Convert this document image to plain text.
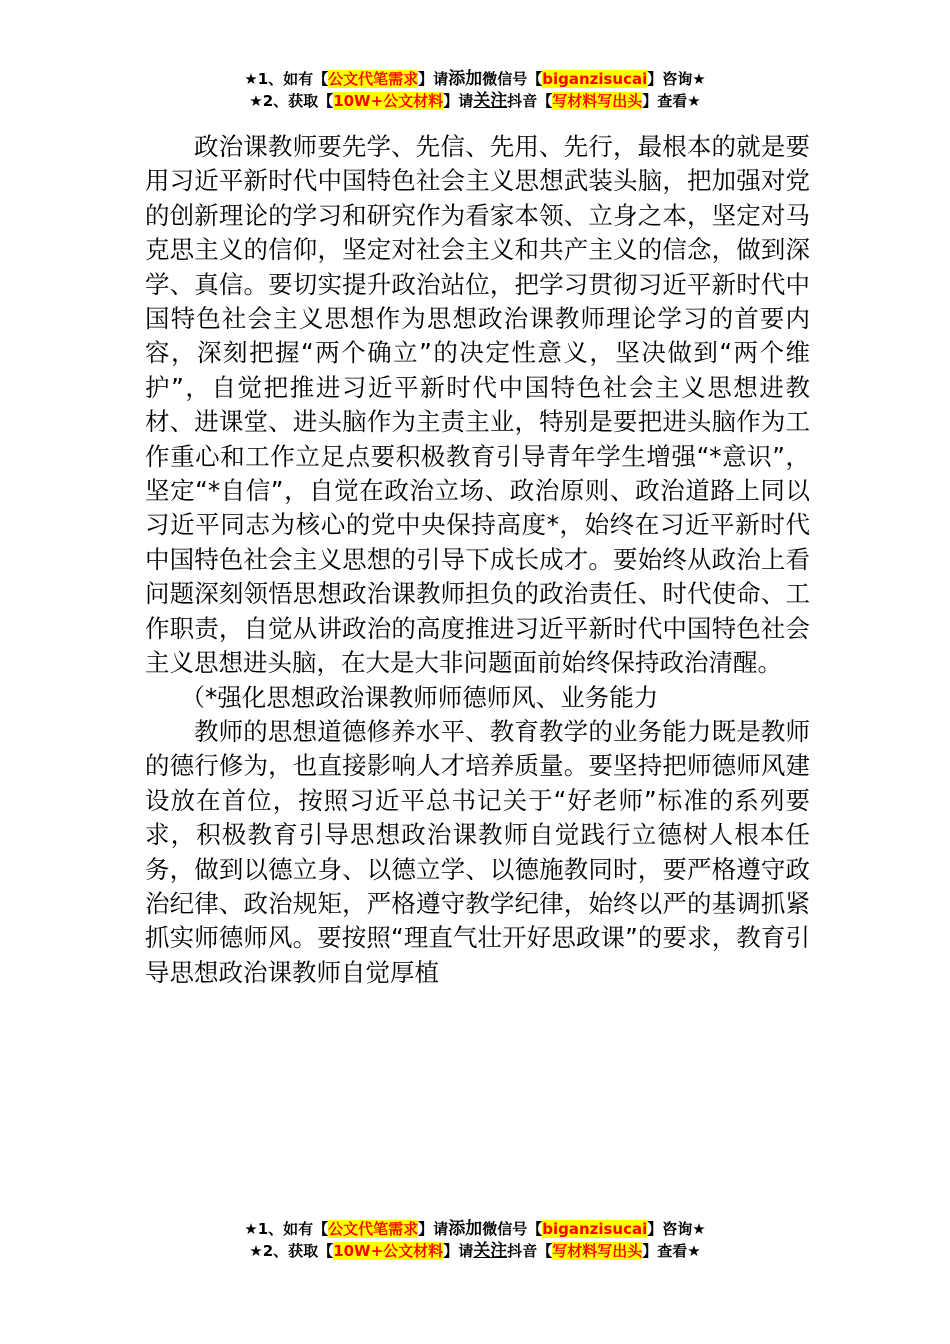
★1、如有【公文代笔需求】请添加微信号【biganzisucai】咨询★
★2、获取【10W+公文材料】请关注抖音【写材料写出头】查看★

政治课教师要先学、先信、先用、先行，最根本的就是要用习近平新时代中国特色社会主义思想武装头脑，把加强对党的创新理论的学习和研究作为看家本领、立身之本，坚定对马克思主义的信仰，坚定对社会主义和共产主义的信念，做到深学、真信。要切实提升政治站位，把学习贯彻习近平新时代中国特色社会主义思想作为思想政治课教师理论学习的首要内容，深刻把握“两个确立”的决定性意义，坚决做到“两个维护”，自觉把推进习近平新时代中国特色社会主义思想进教材、进课堂、进头脑作为主责主业，特别是要把进头脑作为工作重心和工作立足点要积极教育引导青年学生增强“*意识”，坚定“*自信”，自觉在政治立场、政治原则、政治道路上同以习近平同志为核心的党中央保持高度*，始终在习近平新时代中国特色社会主义思想的引导下成长成才。要始终从政治上看问题深刻领悟思想政治课教师担负的政治责任、时代使命、工作职责，自觉从讲政治的高度推进习近平新时代中国特色社会主义思想进头脑，在大是大非问题面前始终保持政治清醒。

（*强化思想政治课教师师德师风、业务能力

教师的思想道德修养水平、教育教学的业务能力既是教师的德行修为，也直接影响人才培养质量。要坚持把师德师风建设放在首位，按照习近平总书记关于“好老师”标准的系列要求，积极教育引导思想政治课教师自觉践行立德树人根本任务，做到以德立身、以德立学、以德施教同时，要严格遵守政治纪律、政治规矩，严格遵守教学纪律，始终以严的基调抓紧抓实师德师风。要按照“理直气壮开好思政课”的要求，教育引导思想政治课教师自觉厚植

★1、如有【公文代笔需求】请添加微信号【biganzisucai】咨询★
★2、获取【10W+公文材料】请关注抖音【写材料写出头】查看★
